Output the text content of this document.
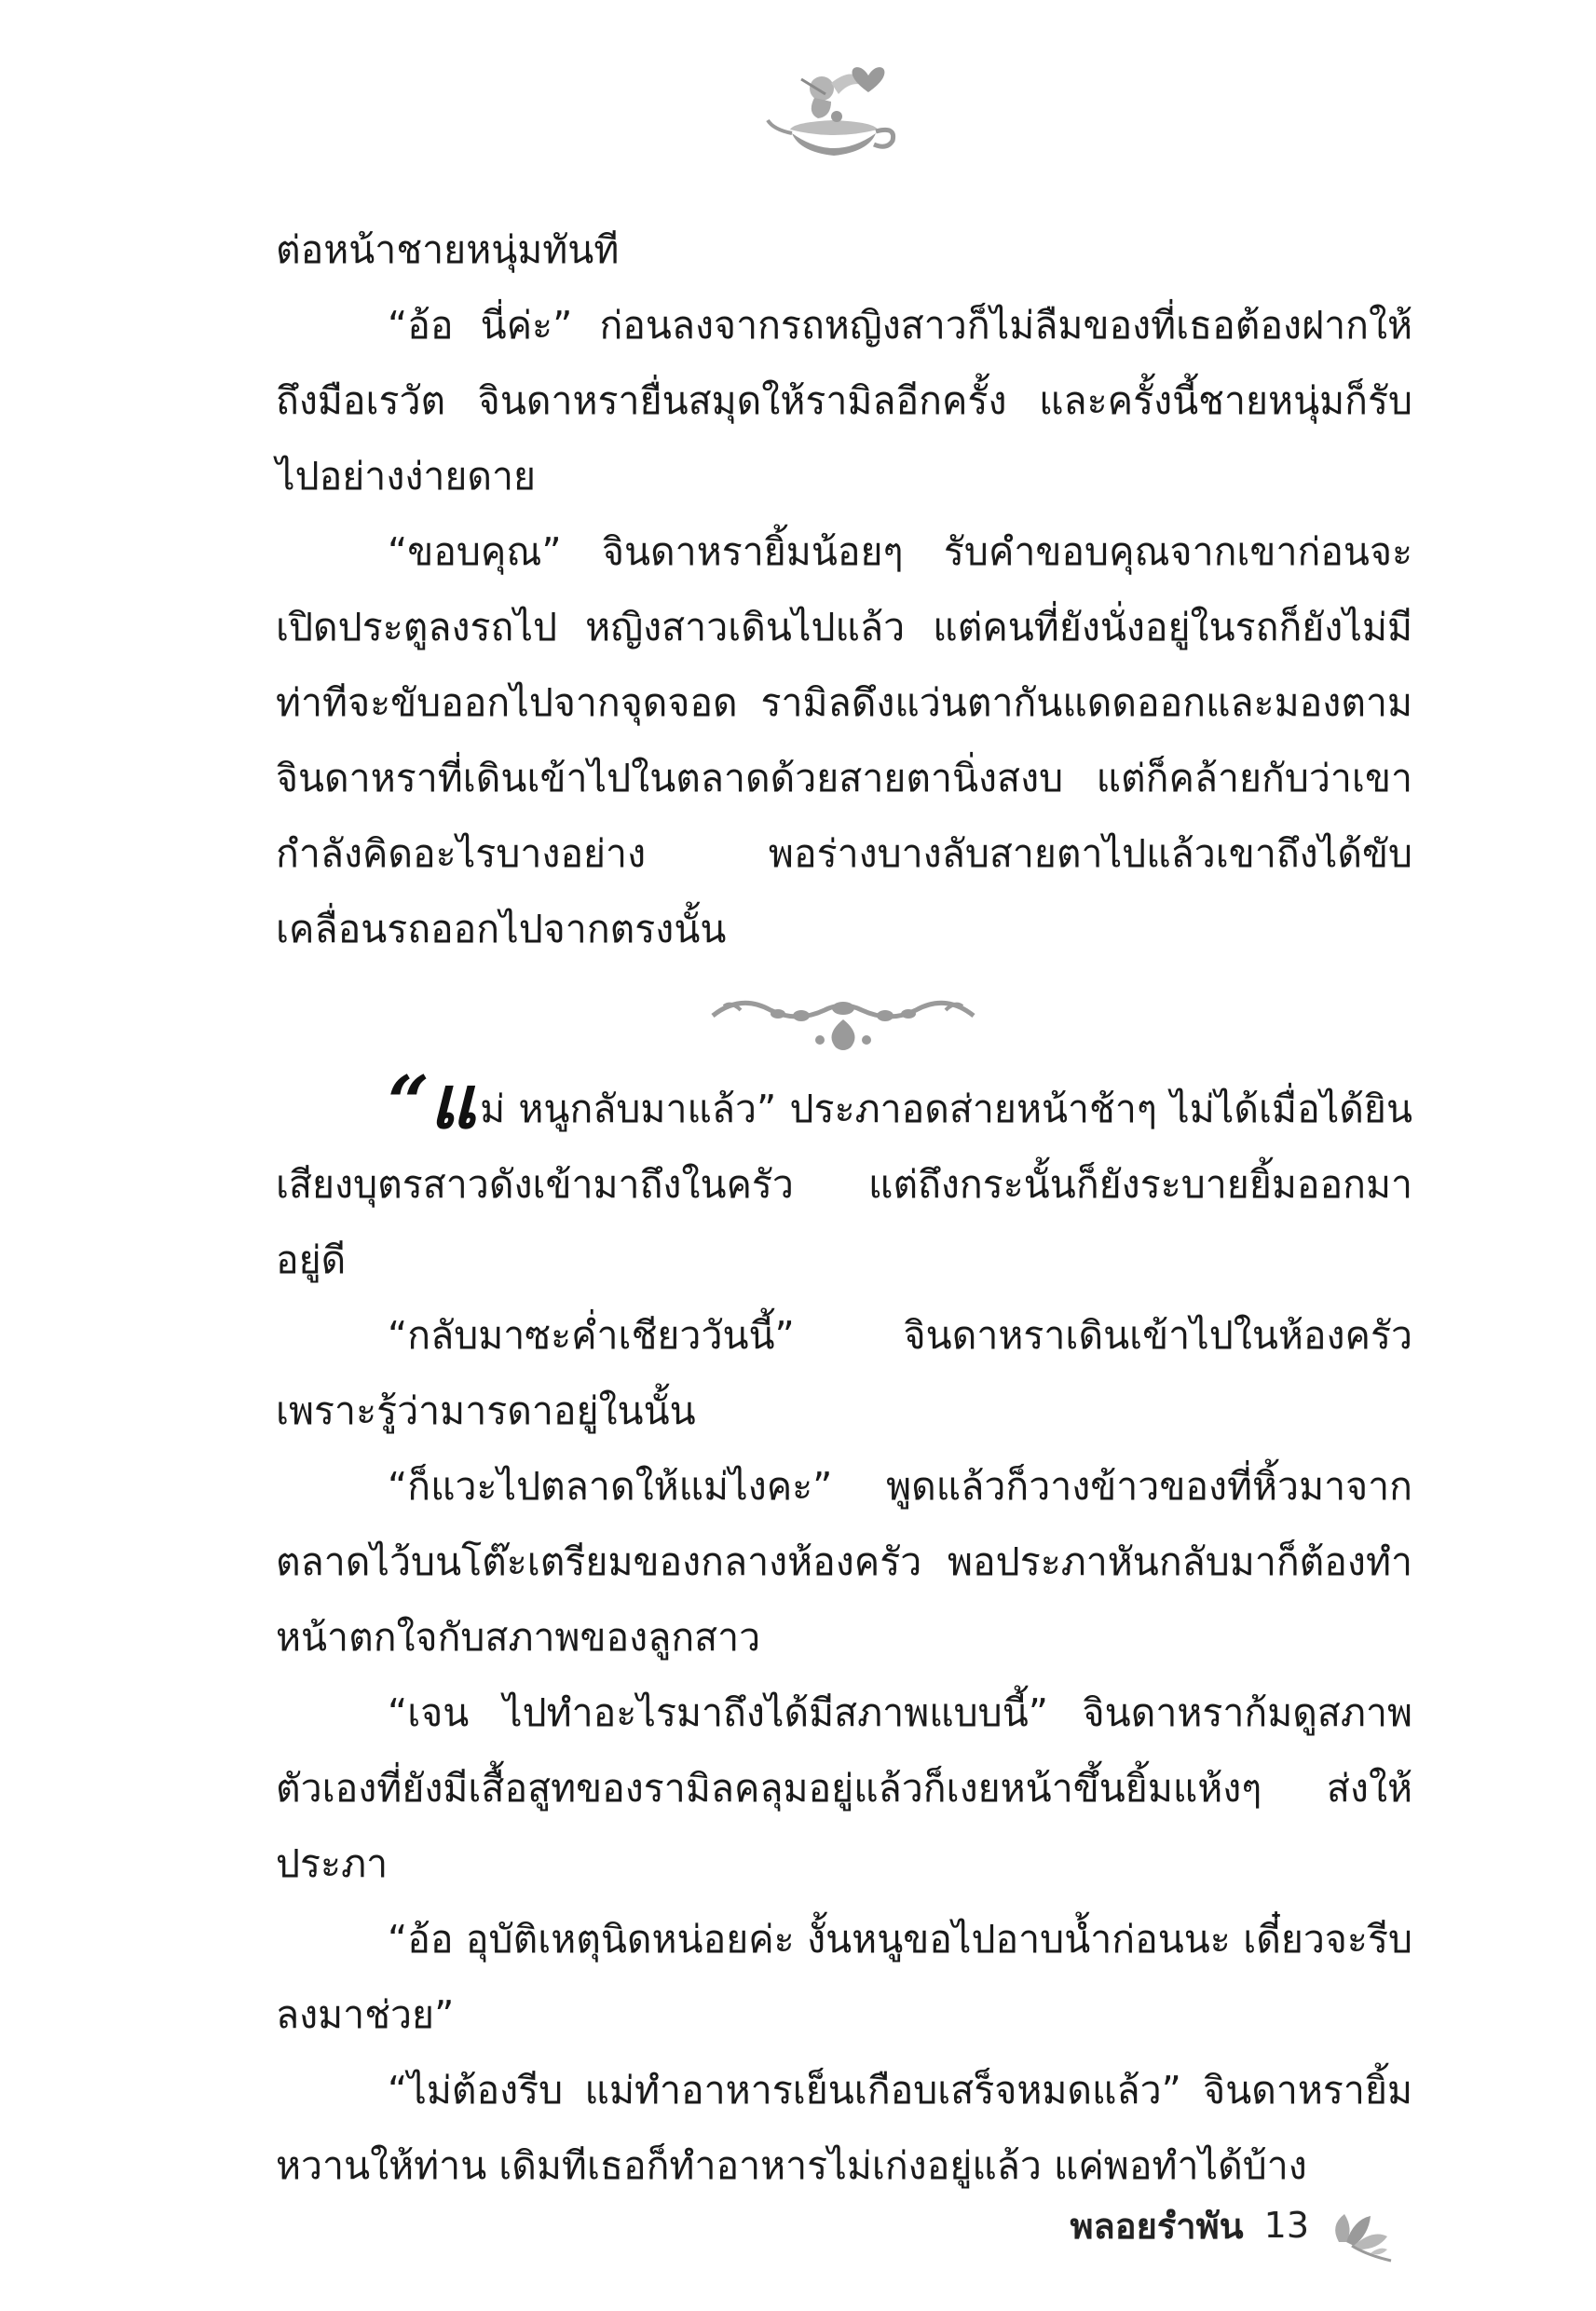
ต่อหน้าชายหนุ่มทันที

“อ้อ นี่ค่ะ” ก่อนลงจากรถหญิงสาวก็ไม่ลืมของที่เธอต้องฝากให้ถึงมือเรวัต จินดาหรายื่นสมุดให้รามิลอีกครั้ง และครั้งนี้ชายหนุ่มก็รับไปอย่างง่ายดาย

“ขอบคุณ” จินดาหรายิ้มน้อยๆ รับคำขอบคุณจากเขาก่อนจะเปิดประตูลงรถไป หญิงสาวเดินไปแล้ว แต่คนที่ยังนั่งอยู่ในรถก็ยังไม่มีท่าทีจะขับออกไปจากจุดจอด รามิลดึงแว่นตากันแดดออกและมองตามจินดาหราที่เดินเข้าไปในตลาดด้วยสายตานิ่งสงบ แต่ก็คล้ายกับว่าเขากำลังคิดอะไรบางอย่าง พอร่างบางลับสายตาไปแล้วเขาถึงได้ขับเคลื่อนรถออกไปจากตรงนั้น

“แม่ หนูกลับมาแล้ว” ประภาอดส่ายหน้าช้าๆ ไม่ได้เมื่อได้ยินเสียงบุตรสาวดังเข้ามาถึงในครัว แต่ถึงกระนั้นก็ยังระบายยิ้มออกมาอยู่ดี

“กลับมาซะค่ำเชียววันนี้” จินดาหราเดินเข้าไปในห้องครัวเพราะรู้ว่ามารดาอยู่ในนั้น

“ก็แวะไปตลาดให้แม่ไงคะ” พูดแล้วก็วางข้าวของที่หิ้วมาจากตลาดไว้บนโต๊ะเตรียมของกลางห้องครัว พอประภาหันกลับมาก็ต้องทำหน้าตกใจกับสภาพของลูกสาว

“เจน ไปทำอะไรมาถึงได้มีสภาพแบบนี้” จินดาหราก้มดูสภาพตัวเองที่ยังมีเสื้อสูทของรามิลคลุมอยู่แล้วก็เงยหน้าขึ้นยิ้มแห้งๆ ส่งให้ประภา

“อ้อ อุบัติเหตุนิดหน่อยค่ะ งั้นหนูขอไปอาบน้ำก่อนนะ เดี๋ยวจะรีบลงมาช่วย”

“ไม่ต้องรีบ แม่ทำอาหารเย็นเกือบเสร็จหมดแล้ว” จินดาหรายิ้มหวานให้ท่าน เดิมทีเธอก็ทำอาหารไม่เก่งอยู่แล้ว แค่พอทำได้บ้าง

พลอยรำพัน 13
